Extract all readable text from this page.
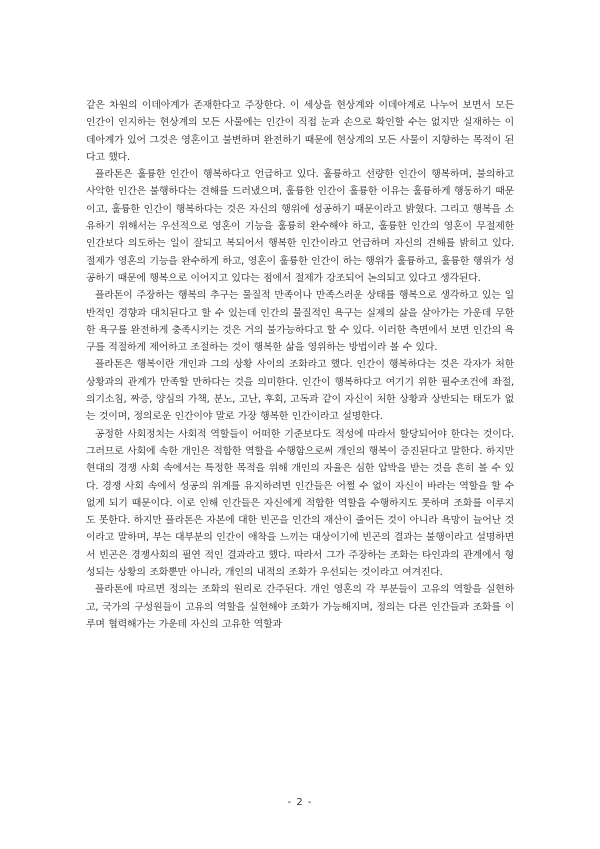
같은 차원의 이데아계가 존재한다고 주장한다. 이 세상을 현상계와 이데아계로 나누어 보면서 모든 인간이 인지하는 현상계의 모든 사물에는 인간이 직접 눈과 손으로 확인할 수는 없지만 실재하는 이데아계가 있어 그것은 영혼이고 불변하며 완전하기 때문에 현상계의 모든 사물이 지향하는 목적이 된다고 했다.

플라톤은 훌륭한 인간이 행복하다고 언급하고 있다. 훌륭하고 선량한 인간이 행복하며, 불의하고 사악한 인간은 불행하다는 견해를 드러냈으며, 훌륭한 인간이 훌륭한 이유는 훌륭하게 행동하기 때문이고, 훌륭한 인간이 행복하다는 것은 자신의 행위에 성공하기 때문이라고 밝혔다. 그리고 행복을 소유하기 위해서는 우선적으로 영혼이 기능을 훌륭히 완수해야 하고, 훌륭한 인간의 영혼이 무절제한 인간보다 의도하는 일이 잘되고 복되어서 행복한 인간이라고 언급하며 자신의 견해를 밝히고 있다. 절제가 영혼의 기능을 완수하게 하고, 영혼이 훌륭한 인간이 하는 행위가 훌륭하고, 훌륭한 행위가 성공하기 때문에 행복으로 이어지고 있다는 점에서 절제가 강조되어 논의되고 있다고 생각된다.

플라톤이 주장하는 행복의 추구는 물질적 만족이나 만족스러운 상태를 행복으로 생각하고 있는 일반적인 경향과 대치된다고 할 수 있는데 인간의 물질적인 욕구는 실제의 삶을 살아가는 가운데 무한한 욕구를 완전하게 충족시키는 것은 거의 불가능하다고 할 수 있다. 이러한 측면에서 보면 인간의 욕구를 적절하게 제어하고 조절하는 것이 행복한 삶을 영위하는 방법이라 볼 수 있다.

플라톤은 행복이란 개인과 그의 상황 사이의 조화라고 했다. 인간이 행복하다는 것은 각자가 처한 상황과의 관계가 만족할 만하다는 것을 의미한다. 인간이 행복하다고 여기기 위한 필수조건에 좌절, 의기소침, 짜증, 양심의 가책, 분노, 고난, 후회, 고독과 같이 자신이 처한 상황과 상반되는 태도가 없는 것이며, 정의로운 인간이야 말로 가장 행복한 인간이라고 설명한다.

공정한 사회정치는 사회적 역할들이 어떠한 기준보다도 적성에 따라서 할당되어야 한다는 것이다. 그러므로 사회에 속한 개인은 적합한 역할을 수행함으로써 개인의 행복이 증진된다고 말한다. 하지만 현대의 경쟁 사회 속에서는 특정한 목적을 위해 개인의 자율은 심한 압박을 받는 것을 흔히 볼 수 있다. 경쟁 사회 속에서 성공의 위계를 유지하려면 인간들은 어쩔 수 없이 자신이 바라는 역할을 할 수 없게 되기 때문이다. 이로 인해 인간들은 자신에게 적합한 역할을 수행하지도 못하며 조화를 이루지도 못한다. 하지만 플라톤은 자본에 대한 빈곤을 인간의 재산이 줄어든 것이 아니라 욕망이 늘어난 것이라고 말하며, 부는 대부분의 인간이 애착을 느끼는 대상이기에 빈곤의 결과는 불행이라고 설명하면서 빈곤은 경쟁사회의 필연 적인 결과라고 했다. 따라서 그가 주장하는 조화는 타인과의 관계에서 형성되는 상황의 조화뿐만 아니라, 개인의 내적의 조화가 우선되는 것이라고 여겨진다.

플라톤에 따르면 정의는 조화의 원리로 간주된다. 개인 영혼의 각 부분들이 고유의 역할을 실현하고, 국가의 구성원들이 고유의 역할을 실현해야 조화가 가능해지며, 정의는 다른 인간들과 조화를 이루며 협력해가는 가운데 자신의 고유한 역할과

- 2 -
